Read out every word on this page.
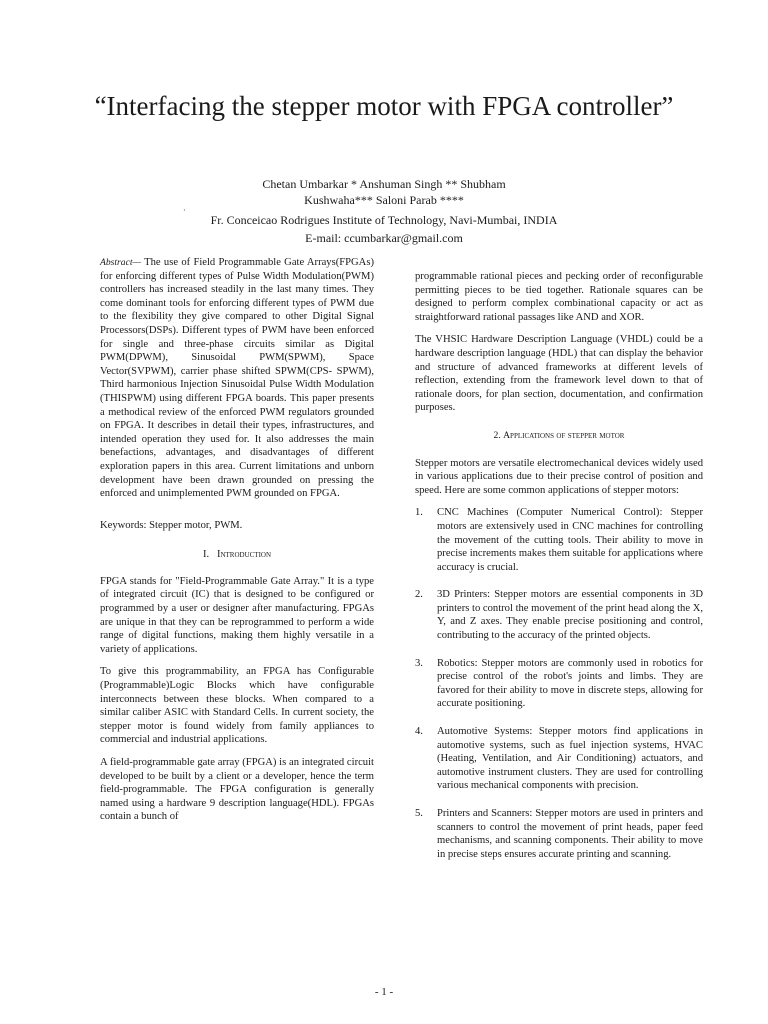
“Interfacing the stepper motor with FPGA controller”
Chetan Umbarkar * Anshuman Singh ** Shubham
Kushwaha*** Saloni Parab ****
·
Fr. Conceicao Rodrigues Institute of Technology, Navi-Mumbai, INDIA
E-mail: ccumbarkar@gmail.com

Abstract— The use of Field Programmable Gate Arrays(FPGAs) for enforcing different types of Pulse Width Modulation(PWM) controllers has increased steadily in the last many times. They come dominant tools for enforcing different types of PWM due to the flexibility they give compared to other Digital Signal Processors(DSPs). Different types of PWM have been enforced for single and three-phase circuits similar as Digital PWM(DPWM), Sinusoidal PWM(SPWM), Space Vector(SVPWM), carrier phase shifted SPWM(CPS- SPWM), Third harmonious Injection Sinusoidal Pulse Width Modulation (THISPWM) using different FPGA boards. This paper presents a methodical review of the enforced PWM regulators grounded on FPGA. It describes in detail their types, infrastructures, and intended operation they used for. It also addresses the main benefactions, advantages, and disadvantages of different exploration papers in this area. Current limitations and unborn development have been drawn grounded on pressing the enforced and unimplemented PWM grounded on FPGA.

Keywords: Stepper motor, PWM.

I. Introduction

FPGA stands for "Field-Programmable Gate Array." It is a type of integrated circuit (IC) that is designed to be configured or programmed by a user or designer after manufacturing. FPGAs are unique in that they can be reprogrammed to perform a wide range of digital functions, making them highly versatile in a variety of applications.

To give this programmability, an FPGA has Configurable (Programmable)Logic Blocks which have configurable interconnects between these blocks. When compared to a similar caliber ASIC with Standard Cells. In current society, the stepper motor is found widely from family appliances to commercial and industrial applications.

A field-programmable gate array (FPGA) is an integrated circuit developed to be built by a client or a developer, hence the term field-programmable. The FPGA configuration is generally named using a hardware 9 description language(HDL). FPGAs contain a bunch of

programmable rational pieces and pecking order of reconfigurable permitting pieces to be tied together. Rationale squares can be designed to perform complex combinational capacity or act as straightforward rational passages like AND and XOR.

The VHSIC Hardware Description Language (VHDL) could be a hardware description language (HDL) that can display the behavior and structure of advanced frameworks at different levels of reflection, extending from the framework level down to that of rationale doors, for plan section, documentation, and confirmation purposes.

2. Applications of stepper motor

Stepper motors are versatile electromechanical devices widely used in various applications due to their precise control of position and speed. Here are some common applications of stepper motors:

1. CNC Machines (Computer Numerical Control): Stepper motors are extensively used in CNC machines for controlling the movement of the cutting tools. Their ability to move in precise increments makes them suitable for applications where accuracy is crucial.
2. 3D Printers: Stepper motors are essential components in 3D printers to control the movement of the print head along the X, Y, and Z axes. They enable precise positioning and control, contributing to the accuracy of the printed objects.
3. Robotics: Stepper motors are commonly used in robotics for precise control of the robot's joints and limbs. They are favored for their ability to move in discrete steps, allowing for accurate positioning.
4. Automotive Systems: Stepper motors find applications in automotive systems, such as fuel injection systems, HVAC (Heating, Ventilation, and Air Conditioning) actuators, and automotive instrument clusters. They are used for controlling various mechanical components with precision.
5. Printers and Scanners: Stepper motors are used in printers and scanners to control the movement of print heads, paper feed mechanisms, and scanning components. Their ability to move in precise steps ensures accurate printing and scanning.
- 1 -
